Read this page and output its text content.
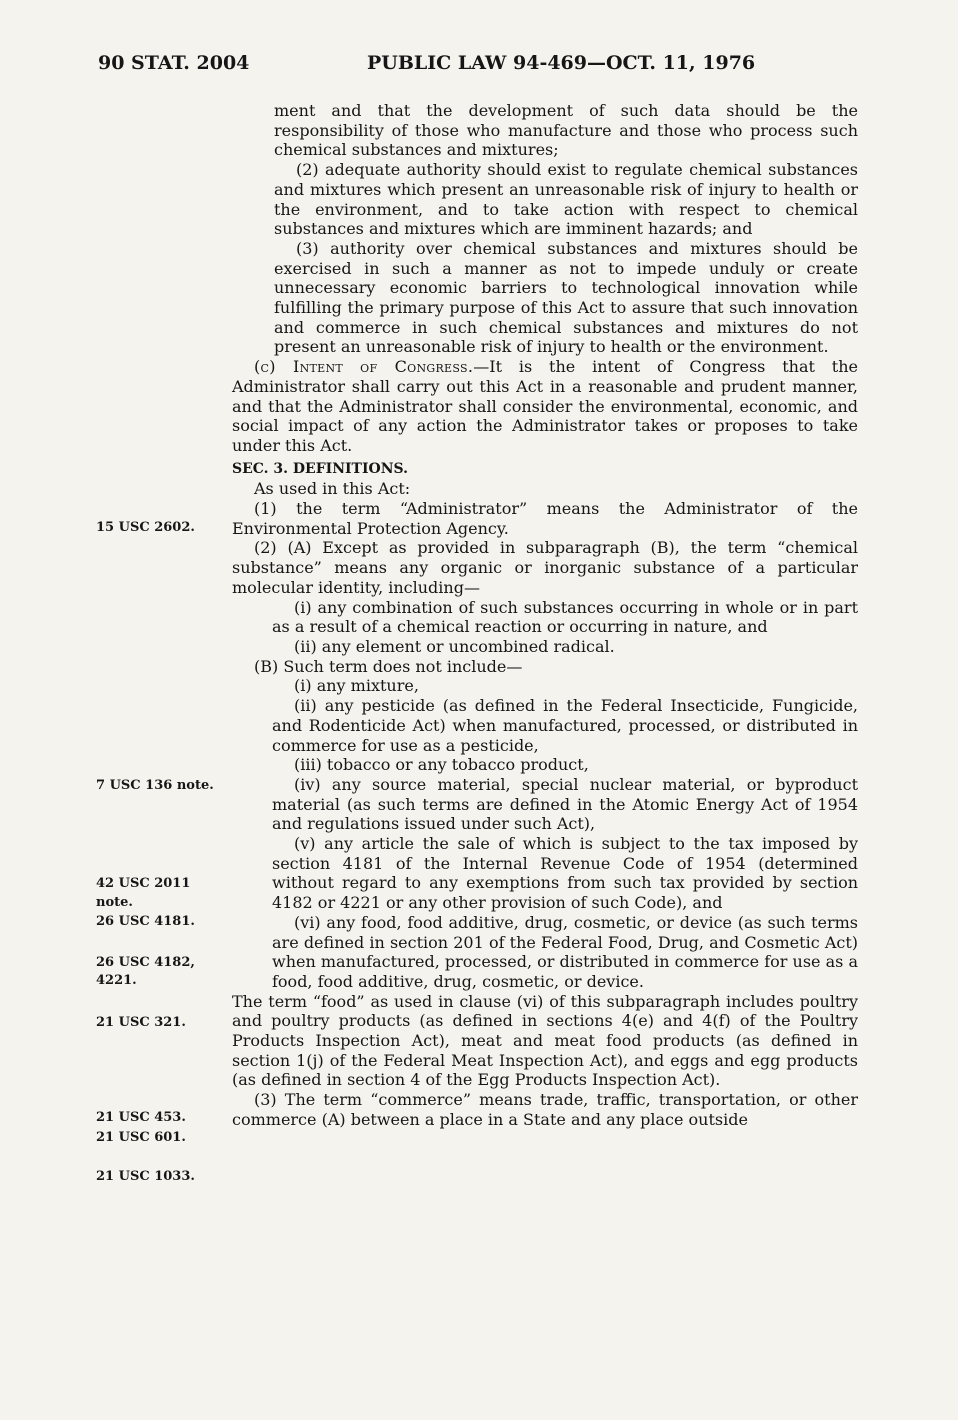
90 STAT. 2004	PUBLIC LAW 94-469—OCT. 11, 1976
15 USC 2602.
7 USC 136 note.
42 USC 2011
note.
26 USC 4181.
26 USC 4182,
4221.
21 USC 321.
21 USC 453.
21 USC 601.
21 USC 1033.

ment and that the development of such data should be the responsibility of those who manufacture and those who process such chemical substances and mixtures;

(2) adequate authority should exist to regulate chemical substances and mixtures which present an unreasonable risk of injury to health or the environment, and to take action with respect to chemical substances and mixtures which are imminent hazards; and

(3) authority over chemical substances and mixtures should be exercised in such a manner as not to impede unduly or create unnecessary economic barriers to technological innovation while fulfilling the primary purpose of this Act to assure that such innovation and commerce in such chemical substances and mixtures do not present an unreasonable risk of injury to health or the environment.

(c) Intent of Congress.—It is the intent of Congress that the Administrator shall carry out this Act in a reasonable and prudent manner, and that the Administrator shall consider the environmental, economic, and social impact of any action the Administrator takes or proposes to take under this Act.

SEC. 3. DEFINITIONS.

As used in this Act:

(1) the term “Administrator” means the Administrator of the Environmental Protection Agency.

(2) (A) Except as provided in subparagraph (B), the term “chemical substance” means any organic or inorganic substance of a particular molecular identity, including—

(i) any combination of such substances occurring in whole or in part as a result of a chemical reaction or occurring in nature, and

(ii) any element or uncombined radical.

(B) Such term does not include—

(i) any mixture,

(ii) any pesticide (as defined in the Federal Insecticide, Fungicide, and Rodenticide Act) when manufactured, processed, or distributed in commerce for use as a pesticide,

(iii) tobacco or any tobacco product,

(iv) any source material, special nuclear material, or byproduct material (as such terms are defined in the Atomic Energy Act of 1954 and regulations issued under such Act),

(v) any article the sale of which is subject to the tax imposed by section 4181 of the Internal Revenue Code of 1954 (determined without regard to any exemptions from such tax provided by section 4182 or 4221 or any other provision of such Code), and

(vi) any food, food additive, drug, cosmetic, or device (as such terms are defined in section 201 of the Federal Food, Drug, and Cosmetic Act) when manufactured, processed, or distributed in commerce for use as a food, food additive, drug, cosmetic, or device.

The term “food” as used in clause (vi) of this subparagraph includes poultry and poultry products (as defined in sections 4(e) and 4(f) of the Poultry Products Inspection Act), meat and meat food products (as defined in section 1(j) of the Federal Meat Inspection Act), and eggs and egg products (as defined in section 4 of the Egg Products Inspection Act).

(3) The term “commerce” means trade, traffic, transportation, or other commerce (A) between a place in a State and any place outside
